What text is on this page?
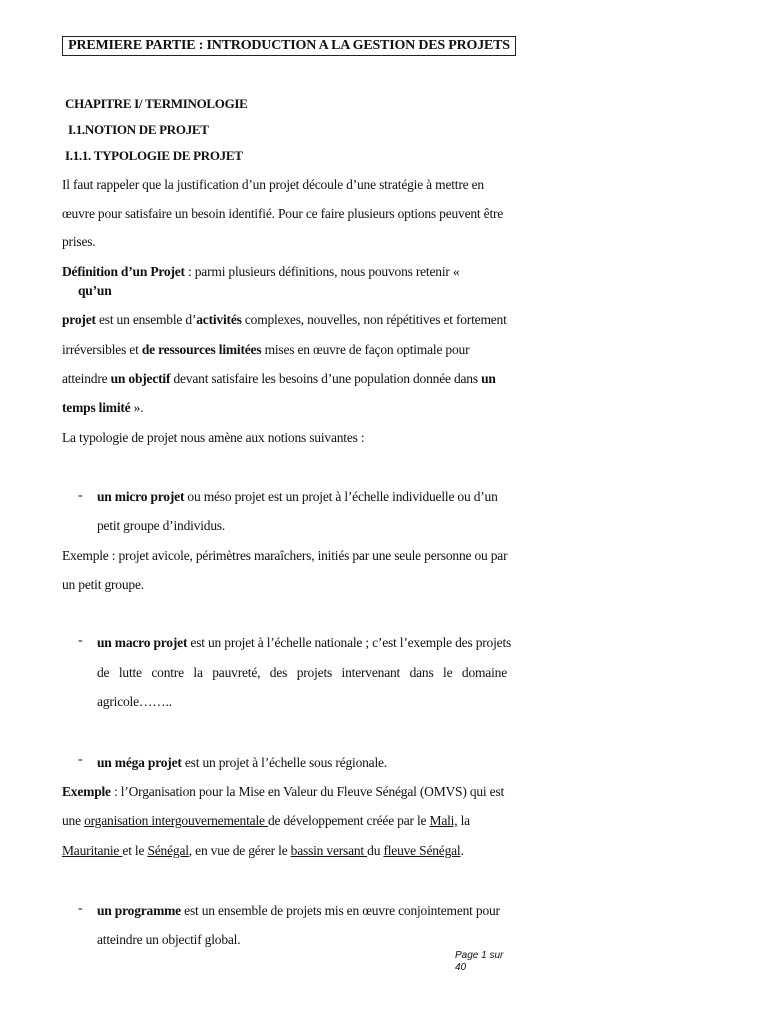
PREMIERE PARTIE : INTRODUCTION A LA GESTION DES PROJETS
CHAPITRE I/ TERMINOLOGIE
I.1.NOTION DE PROJET
I.1.1. TYPOLOGIE DE PROJET
Il faut rappeler que la justification d’un projet découle d’une stratégie à mettre en
œuvre pour satisfaire un besoin identifié. Pour ce faire plusieurs options peuvent être
prises.
Définition d’un Projet : parmi plusieurs définitions, nous pouvons retenir «
qu’un
projet est un ensemble d’activités complexes, nouvelles, non répétitives et fortement
irréversibles et de ressources limitées mises en œuvre de façon optimale pour
atteindre un objectif devant satisfaire les besoins d’une population donnée dans un
temps limité ».
La typologie de projet nous amène aux notions suivantes :
- un micro projet ou méso projet est un projet à l’échelle individuelle ou d’un
petit groupe d’individus.
Exemple : projet avicole, périmètres maraîchers, initiés par une seule personne ou par
un petit groupe.
- un macro projet est un projet à l’échelle nationale ; c’est l’exemple des projets
de lutte contre la pauvreté, des projets intervenant dans le domaine
agricole……..
- un méga projet est un projet à l’échelle sous régionale.
Exemple : l’Organisation pour la Mise en Valeur du Fleuve Sénégal (OMVS) qui est
une organisation intergouvernementale de développement créée par le Mali, la
Mauritanie et le Sénégal, en vue de gérer le bassin versant du fleuve Sénégal.
- un programme est un ensemble de projets mis en œuvre conjointement pour
atteindre un objectif global.
Page 1 sur
40
